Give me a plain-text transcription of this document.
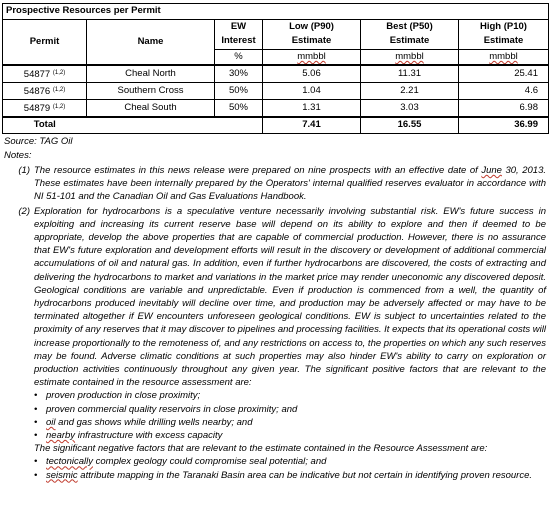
Prospective Resources per Permit					
		EW	Low (P90)	Best (P50)	High (P10)
Permit	Name	Interest	Estimate	Estimate	Estimate
		%	mmbbl	mmbbl	mmbbl
54877 $^{(1,2)}$	Cheal North	30%	5.06	11.31	25.41
54876 $^{(1,2)}$	Southern Cross	50%	1.04	2.21	4.6
54879 $^{(1,2)}$	Cheal South	50%	1.31	3.03	6.98
Total			7.41	16.55	36.99
Source: TAG Oil
Notes:
(1) The resource estimates in this news release were prepared on nine prospects with an effective date of June 30, 2013. These estimates have been internally prepared by the Operators' internal qualified reserves evaluator in accordance with NI 51-101 and the Canadian Oil and Gas Evaluations Handbook.
(2) Exploration for hydrocarbons is a speculative venture necessarily involving substantial risk. EW's future success in exploiting and increasing its current reserve base will depend on its ability to explore and then if deemed to be appropriate, develop the above properties that are capable of commercial production. However, there is no assurance that EW's future exploration and development efforts will result in the discovery or development of additional commercial accumulations of oil and natural gas. In addition, even if further hydrocarbons are discovered, the costs of extracting and delivering the hydrocarbons to market and variations in the market price may render uneconomic any discovered deposit. Geological conditions are variable and unpredictable. Even if production is commenced from a well, the quantity of hydrocarbons produced inevitably will decline over time, and production may be adversely affected or may have to be terminated altogether if EW encounters unforeseen geological conditions. EW is subject to uncertainties related to the proximity of any reserves that it may discover to pipelines and processing facilities. It expects that its operational costs will increase proportionally to the remoteness of, and any restrictions on access to, the properties on which any such reserves may be found. Adverse climatic conditions at such properties may also hinder EW's ability to carry on exploration or production activities continuously throughout any given year. The significant positive factors that are relevant to the estimate contained in the resource assessment are:
• proven production in close proximity;
• proven commercial quality reservoirs in close proximity; and
• oil and gas shows while drilling wells nearby; and
• nearby infrastructure with excess capacity
The significant negative factors that are relevant to the estimate contained in the Resource Assessment are:
• tectonically complex geology could compromise seal potential; and
• seismic attribute mapping in the Taranaki Basin area can be indicative but not certain in identifying proven resource.
